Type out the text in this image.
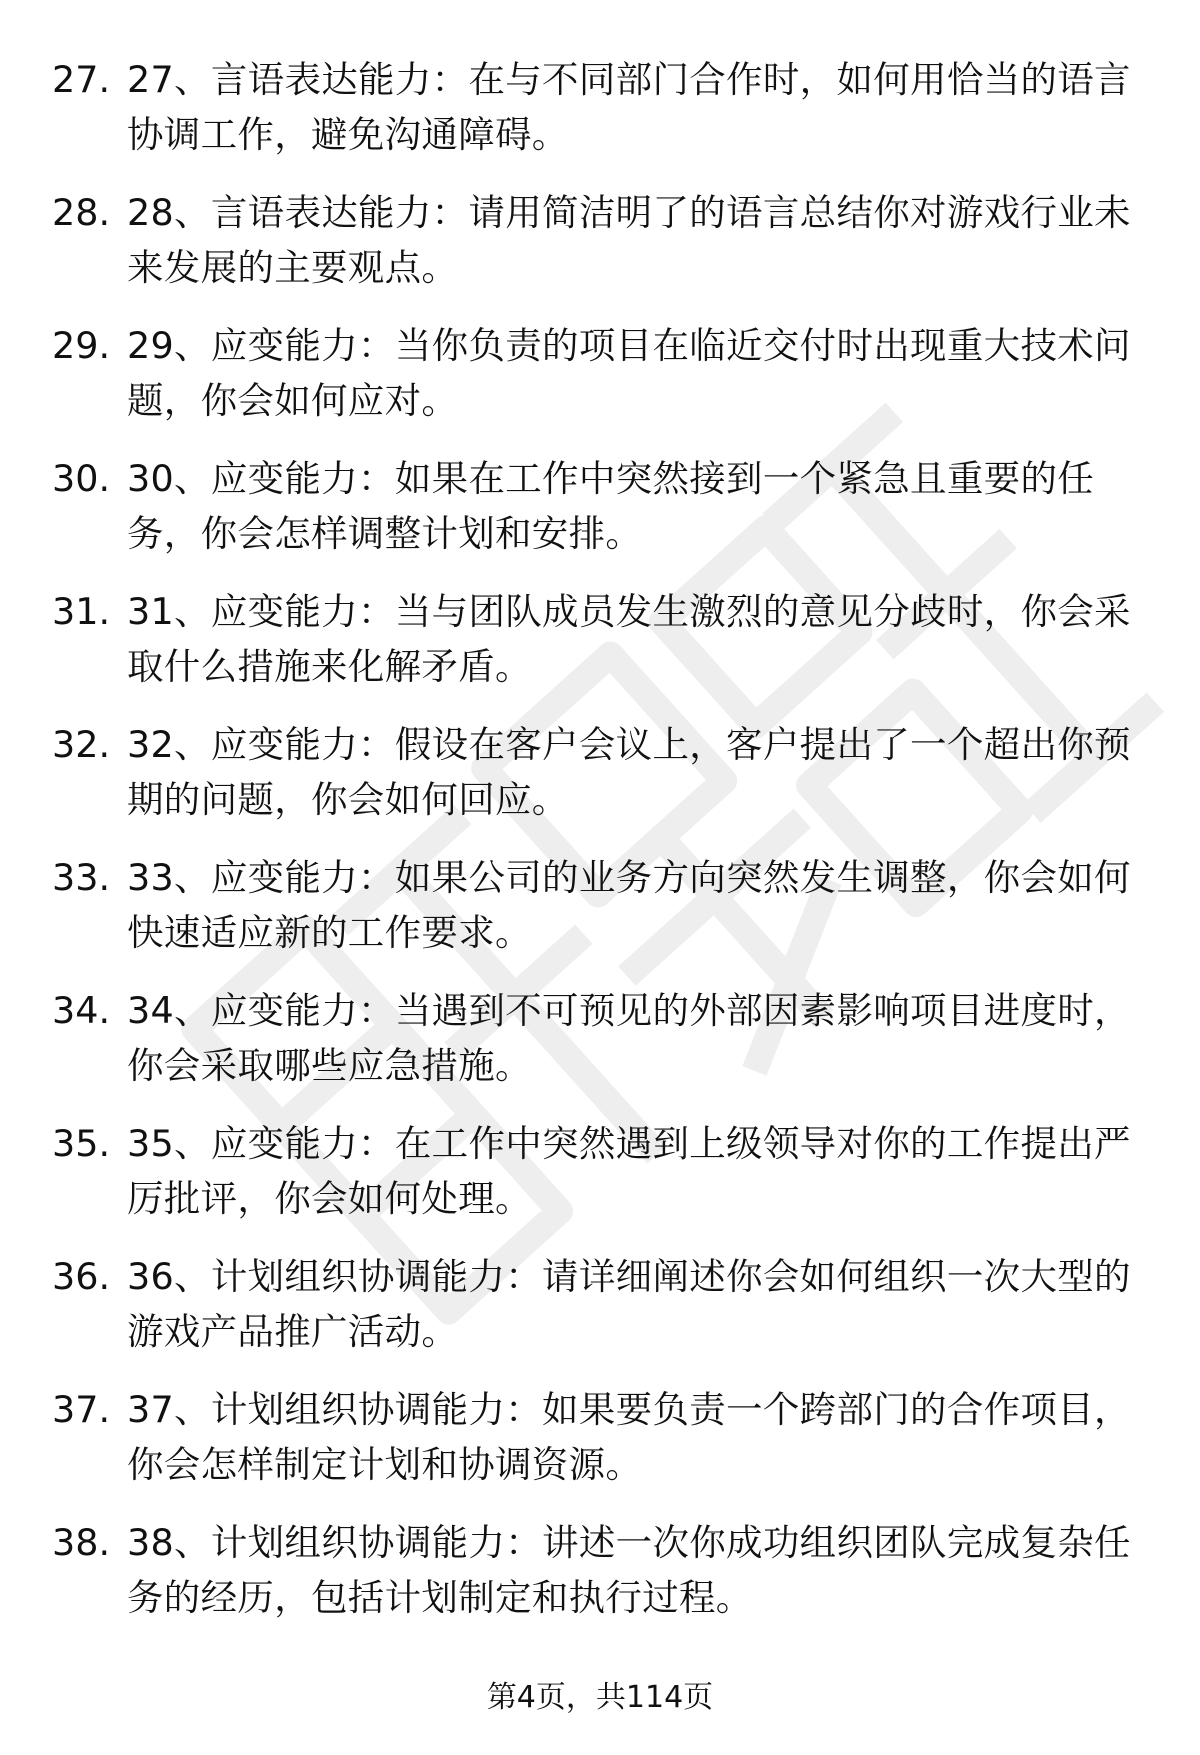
27. 27、言语表达能力：在与不同部门合作时，如何用恰当的语言协调工作，避免沟通障碍。
28. 28、言语表达能力：请用简洁明了的语言总结你对游戏行业未来发展的主要观点。
29. 29、应变能力：当你负责的项目在临近交付时出现重大技术问题，你会如何应对。
30. 30、应变能力：如果在工作中突然接到一个紧急且重要的任务，你会怎样调整计划和安排。
31. 31、应变能力：当与团队成员发生激烈的意见分歧时，你会采取什么措施来化解矛盾。
32. 32、应变能力：假设在客户会议上，客户提出了一个超出你预期的问题，你会如何回应。
33. 33、应变能力：如果公司的业务方向突然发生调整，你会如何快速适应新的工作要求。
34. 34、应变能力：当遇到不可预见的外部因素影响项目进度时，你会采取哪些应急措施。
35. 35、应变能力：在工作中突然遇到上级领导对你的工作提出严厉批评，你会如何处理。
36. 36、计划组织协调能力：请详细阐述你会如何组织一次大型的游戏产品推广活动。
37. 37、计划组织协调能力：如果要负责一个跨部门的合作项目，你会怎样制定计划和协调资源。
38. 38、计划组织协调能力：讲述一次你成功组织团队完成复杂任务的经历，包括计划制定和执行过程。
第4页，共114页
